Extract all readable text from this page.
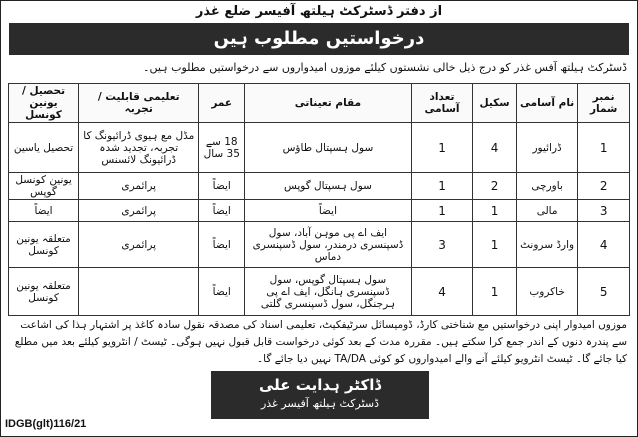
از دفتر ڈسٹرکٹ ہیلتھ آفیسر ضلع غذر
درخواستیں مطلوب ہیں
ڈسٹرکٹ ہیلتھ آفس غذر کو درج ذیل خالی نشستوں کیلئے موزوں امیدواروں سے درخواستیں مطلوب ہیں۔
نمبر شمار	نام آسامی	سکیل	تعداد آسامی	مقام تعیناتی	عمر	تعلیمی قابلیت / تجربہ	تحصیل / یونین کونسل
1	ڈرائیور	4	1	سول ہسپتال طاؤس	18 سے 35 سال	مڈل مع ہیوی ڈرائیونگ کا تجربہ، تجدید شدہ ڈرائیونگ لائسنس	تحصیل یاسین
2	باورچی	2	1	سول ہسپتال گوپس	ایضاً	پرائمری	یونین کونسل گوپس
3	مالی	1	1	ایضاً	ایضاً	پرائمری	ایضاً
4	وارڈ سرونٹ	1	3	ایف اے پی موہن آباد، سول ڈسپنسری درمندر، سول ڈسپنسری دماس	ایضاً	پرائمری	متعلقہ یونین کونسل
5	خاکروب	1	4	سول ہسپتال گوپس، سول ڈسپنسری ہانگل، ایف اے پی ہرجنگل، سول ڈسپنسری گلتی	ایضاً		متعلقہ یونین کونسل
موزوں امیدوار اپنی درخواستیں مع شناختی کارڈ، ڈومیسائل سرٹیفکیٹ، تعلیمی اسناد کی مصدقہ نقول سادہ کاغذ پر اشتہار ہذا کی اشاعت سے پندرہ دنوں کے اندر جمع کرا سکتے ہیں۔ مقررہ مدت کے بعد کوئی درخواست قابل قبول نہیں ہوگی۔ ٹیسٹ / انٹرویو کیلئے بعد میں مطلع کیا جائے گا۔ ٹیسٹ انٹرویو کیلئے آنے والے امیدواروں کو کوئی TA/DA نہیں دیا جائے گا۔
ڈاکٹر ہدایت علی
ڈسٹرکٹ ہیلتھ آفیسر غذر
IDGB(glt)116/21
